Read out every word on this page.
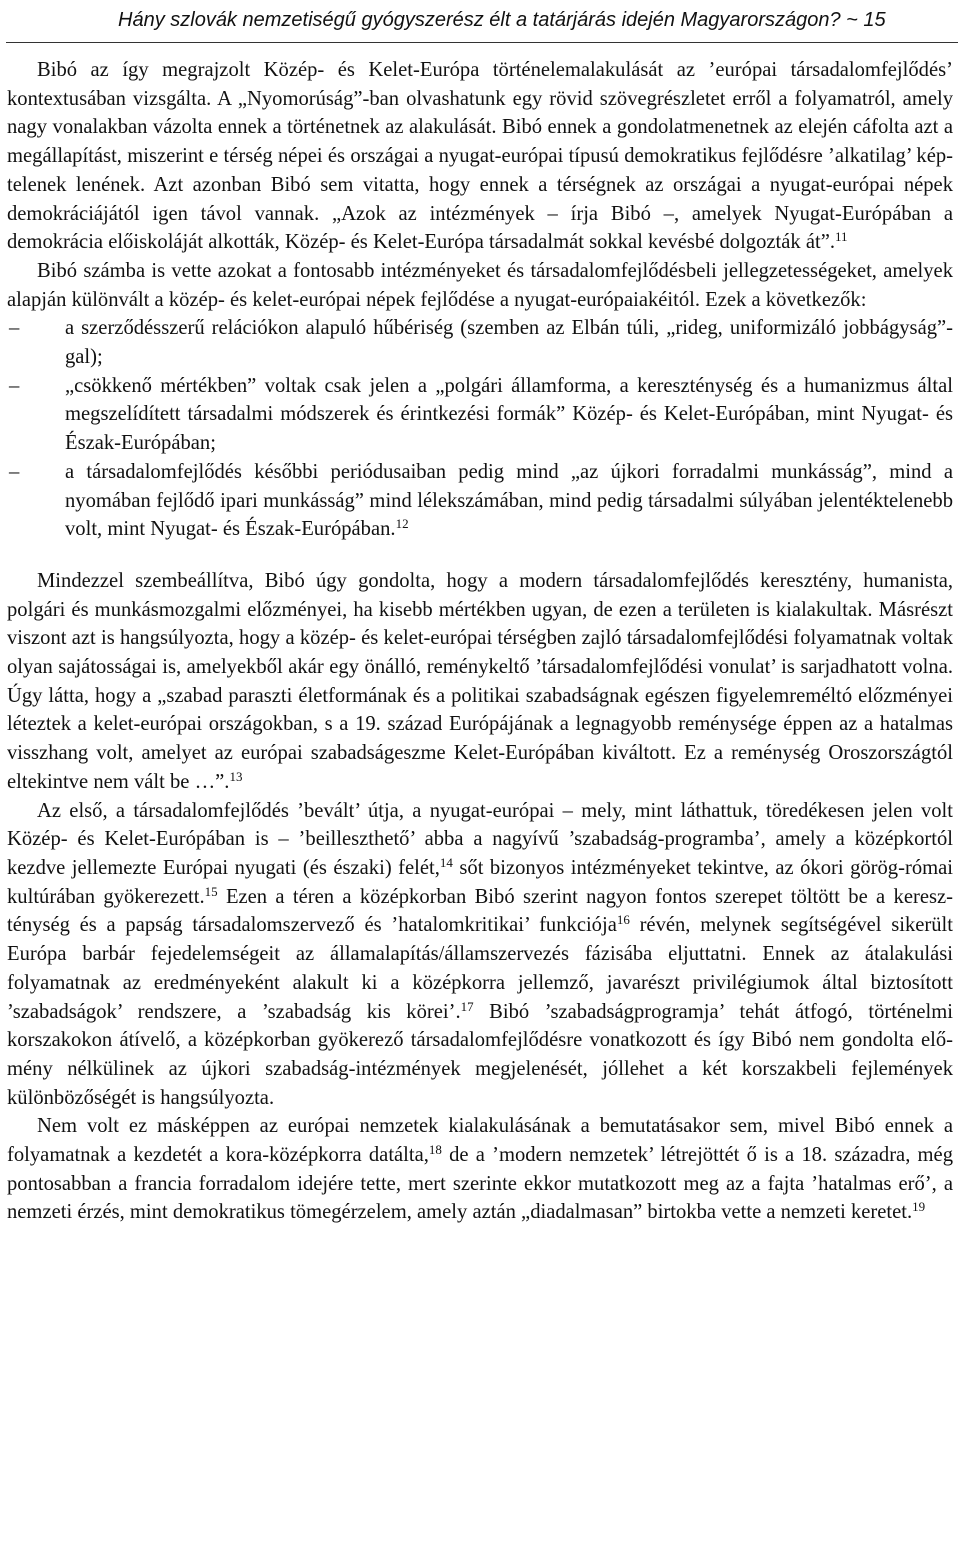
Hány szlovák nemzetiségű gyógyszerész élt a tatárjárás idején Magyarországon? ~ 15

Bibó az így megrajzolt Közép- és Kelet-Európa történelemalakulását az ’európai társadalomfejlődés’ kontextusában vizsgálta. A „Nyomorúság”-ban olvashatunk egy rövid szövegrészletet erről a folyamatról, amely nagy vonalakban vázolta ennek a történetnek az alakulását. Bibó ennek a gondolatmenetnek az elején cáfolta azt a megállapítást, miszerint e térség népei és országai a nyugat-európai típusú demokratikus fejlődésre ’alkatilag’ képtelenek lenének. Azt azonban Bibó sem vitatta, hogy ennek a térségnek az országai a nyugat-európai népek demokráciájától igen távol vannak. „Azok az intézmények – írja Bibó –, amelyek Nyugat-Európában a demokrácia előiskoláját alkották, Közép- és Kelet-Európa társadalmát sokkal kevésbé dolgozták át”.$^{11}$

Bibó számba is vette azokat a fontosabb intézményeket és társadalomfejlődésbeli jellegzetességeket, amelyek alapján különvált a közép- és kelet-európai népek fejlődése a nyugat-európaiakéitól. Ezek a következők:

– a szerződésszerű relációkon alapuló hűbériség (szemben az Elbán túli, „rideg, uniformizáló jobbágyság”-gal);
– „csökkenő mértékben” voltak csak jelen a „polgári államforma, a kereszténység és a humanizmus által megszelídített társadalmi módszerek és érintkezési formák” Közép- és Kelet-Európában, mint Nyugat- és Észak-Európában;
– a társadalomfejlődés későbbi periódusaiban pedig mind „az újkori forradalmi munkásság”, mind a nyomában fejlődő ipari munkásság” mind lélekszámában, mind pedig társadalmi súlyában jelentéktelenebb volt, mint Nyugat- és Észak-Európában.$^{12}$

Mindezzel szembeállítva, Bibó úgy gondolta, hogy a modern társadalomfejlődés keresztény, humanista, polgári és munkásmozgalmi előzményei, ha kisebb mértékben ugyan, de ezen a területen is kialakultak. Másrészt viszont azt is hangsúlyozta, hogy a közép- és kelet-európai térségben zajló társadalomfejlődési folyamatnak voltak olyan sajátosságai is, amelyekből akár egy önálló, reménykeltő ’társadalomfejlődési vonulat’ is sarjadhatott volna. Úgy látta, hogy a „szabad paraszti életformának és a politikai szabadságnak egészen figyelemreméltó előzményei léteztek a kelet-európai országokban, s a 19. század Európájának a legnagyobb reménysége éppen az a hatalmas visszhang volt, amelyet az európai szabadságeszme Kelet-Európában kiváltott. Ez a reménység Oroszországtól eltekintve nem vált be …”.$^{13}$

Az első, a társadalomfejlődés ’bevált’ útja, a nyugat-európai – mely, mint láthattuk, töredékesen jelen volt Közép- és Kelet-Európában is – ’beilleszthető’ abba a nagyívű ’szabadság-programba’, amely a középkortól kezdve jellemezte Európai nyugati (és északi) felét,$^{14}$ sőt bizonyos intézményeket tekintve, az ókori görög-római kultúrában gyökerezett.$^{15}$ Ezen a téren a középkorban Bibó szerint nagyon fontos szerepet töltött be a kereszténység és a papság társadalomszervező és ’hatalomkritikai’ funkciója$^{16}$ révén, melynek segítségével sikerült Európa barbár fejedelemségeit az államalapítás/államszervezés fázisába eljuttatni. Ennek az átalakulási folyamatnak az eredményeként alakult ki a középkorra jellemző, javarészt privilégiumok által biztosított ’szabadságok’ rendszere, a ’szabadság kis körei’.$^{17}$ Bibó ’szabadságprogramja’ tehát átfogó, történelmi korszakokon átívelő, a középkorban gyökerező társadalomfejlődésre vonatkozott és így Bibó nem gondolta előmény nélkülinek az újkori szabadság-intézmények megjelenését, jóllehet a két korszakbeli fejlemények különbözőségét is hangsúlyozta.

Nem volt ez másképpen az európai nemzetek kialakulásának a bemutatásakor sem, mivel Bibó ennek a folyamatnak a kezdetét a kora-középkorra datálta,$^{18}$ de a ’modern nemzetek’ létrejöttét ő is a 18. századra, még pontosabban a francia forradalom idejére tette, mert szerinte ekkor mutatkozott meg az a fajta ’hatalmas erő’, a nemzeti érzés, mint demokratikus tömegérzelem, amely aztán „diadalmasan” birtokba vette a nemzeti keretet.$^{19}$
